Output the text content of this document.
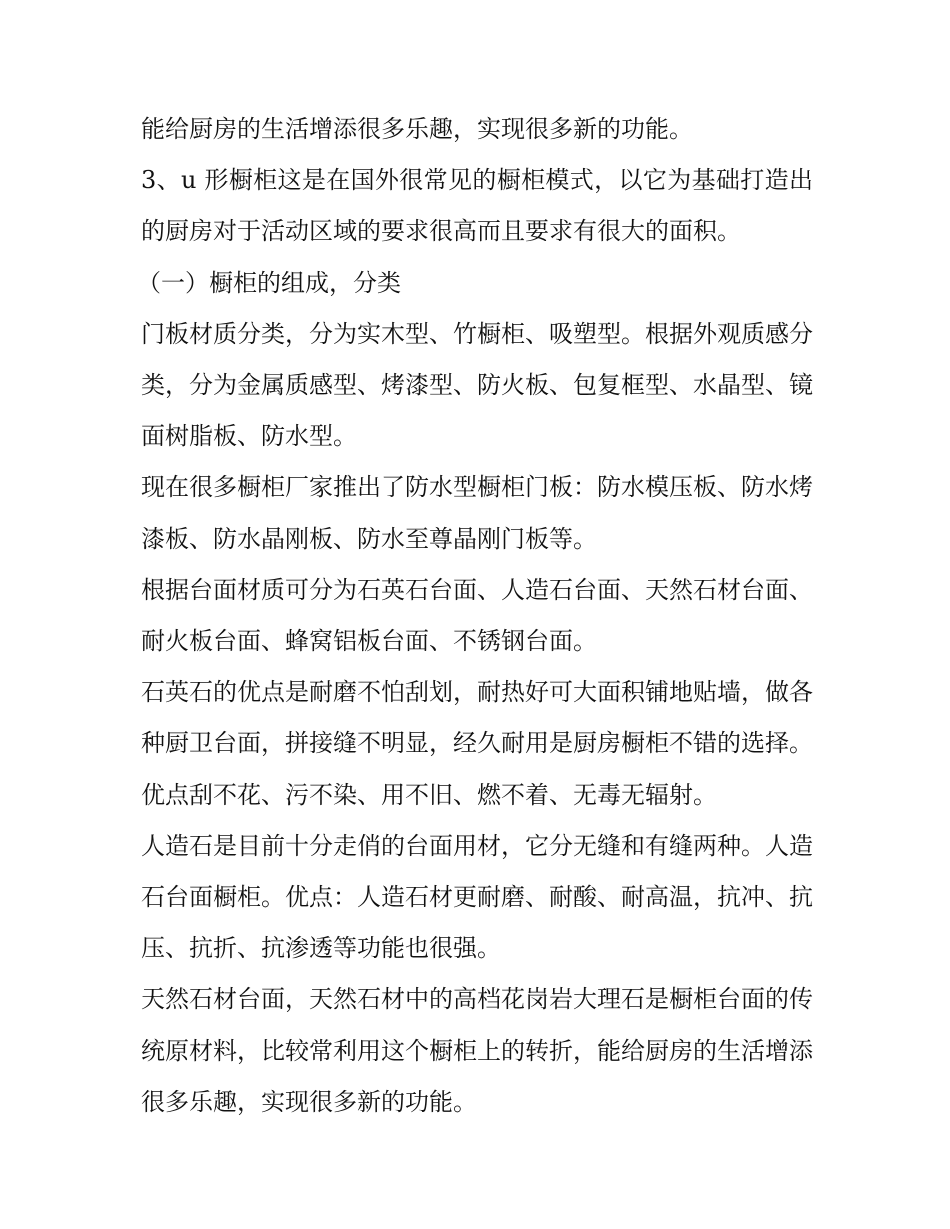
能给厨房的生活增添很多乐趣，实现很多新的功能。

3、u 形橱柜这是在国外很常见的橱柜模式，以它为基础打造出的厨房对于活动区域的要求很高而且要求有很大的面积。

（一）橱柜的组成，分类

门板材质分类，分为实木型、竹橱柜、吸塑型。根据外观质感分类，分为金属质感型、烤漆型、防火板、包复框型、水晶型、镜面树脂板、防水型。

现在很多橱柜厂家推出了防水型橱柜门板：防水模压板、防水烤漆板、防水晶刚板、防水至尊晶刚门板等。

根据台面材质可分为石英石台面、人造石台面、天然石材台面、耐火板台面、蜂窝铝板台面、不锈钢台面。

石英石的优点是耐磨不怕刮划，耐热好可大面积铺地贴墙，做各种厨卫台面，拼接缝不明显，经久耐用是厨房橱柜不错的选择。优点刮不花、污不染、用不旧、燃不着、无毒无辐射。

人造石是目前十分走俏的台面用材，它分无缝和有缝两种。人造石台面橱柜。优点：人造石材更耐磨、耐酸、耐高温，抗冲、抗压、抗折、抗渗透等功能也很强。

天然石材台面，天然石材中的高档花岗岩大理石是橱柜台面的传统原材料，比较常利用这个橱柜上的转折，能给厨房的生活增添很多乐趣，实现很多新的功能。
